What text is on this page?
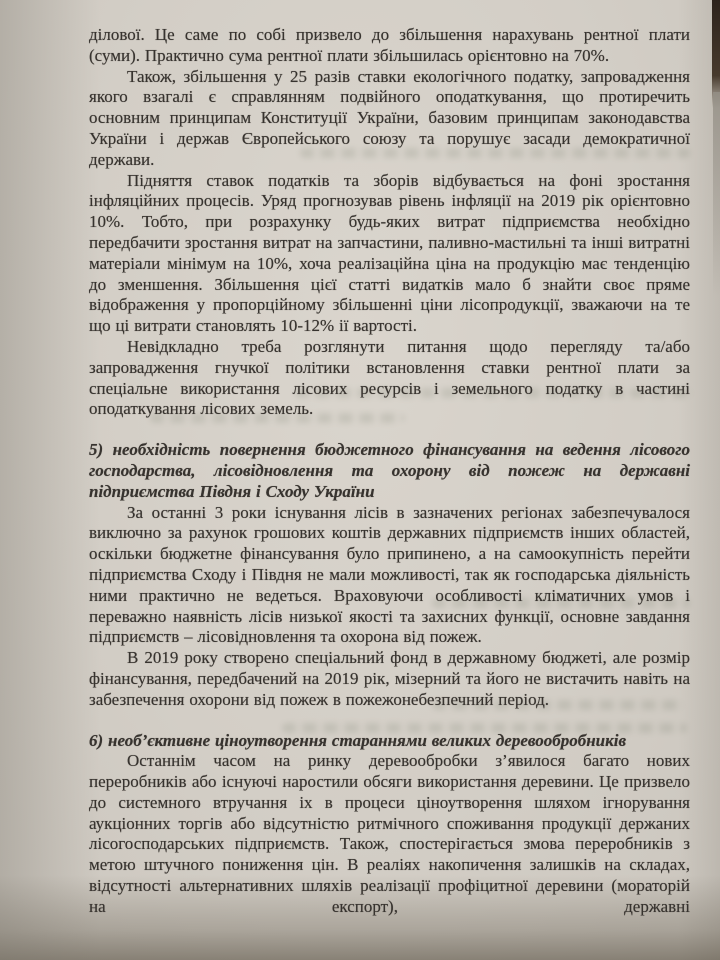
ділової. Це саме по собі призвело до збільшення нарахувань рентної плати (суми). Практично сума рентної плати збільшилась орієнтовно на 70%.

Також, збільшення у 25 разів ставки екологічного податку, запровадження якого взагалі є справлянням подвійного оподаткування, що протиречить основним принципам Конституції України, базовим принципам законодавства України і держав Європейського союзу та порушує засади демократичної держави.

Підняття ставок податків та зборів відбувається на фоні зростання інфляційних процесів. Уряд прогнозував рівень інфляції на 2019 рік орієнтовно 10%. Тобто, при розрахунку будь-яких витрат підприємства необхідно передбачити зростання витрат на запчастини, паливно-мастильні та інші витратні матеріали мінімум на 10%, хоча реалізаційна ціна на продукцію має тенденцію до зменшення. Збільшення цієї статті видатків мало б знайти своє пряме відображення у пропорційному збільшенні ціни лісопродукції, зважаючи на те що ці витрати становлять 10-12% ії вартості.

Невідкладно треба розглянути питання щодо перегляду та/або запровадження гнучкої політики встановлення ставки рентної плати за спеціальне використання лісових ресурсів і земельного податку в частині оподаткування лісових земель.

5) необхідність повернення бюджетного фінансування на ведення лісового господарства, лісовідновлення та охорону від пожеж на державні підприємства Півдня і Сходу України

За останні 3 роки існування лісів в зазначених регіонах забезпечувалося виключно за рахунок грошових коштів державних підприємств інших областей, оскільки бюджетне фінансування було припинено, а на самоокупність перейти підприємства Сходу і Півдня не мали можливості, так як господарська діяльність ними практично не ведеться. Враховуючи особливості кліматичних умов і переважно наявність лісів низької якості та захисних функції, основне завдання підприємств – лісовідновлення та охорона від пожеж.

В 2019 року створено спеціальний фонд в державному бюджеті, але розмір фінансування, передбачений на 2019 рік, мізерний та його не вистачить навіть на забезпечення охорони від пожеж в пожежонебезпечний період.

6) необ’єктивне ціноутворення стараннями великих деревообробників

Останнім часом на ринку деревообробки з’явилося багато нових переробників або існуючі наростили обсяги використання деревини. Це призвело до системного втручання іх в процеси ціноутворення шляхом ігнорування аукціонних торгів або відсутністю ритмічного споживання продукції держаних лісогосподарських підприємств. Також, спостерігається змова переробників з метою штучного пониження цін. В реаліях накопичення залишків на складах, відсутності альтернативних шляхів реалізації профіцитної деревини (мораторій на експорт), державні
